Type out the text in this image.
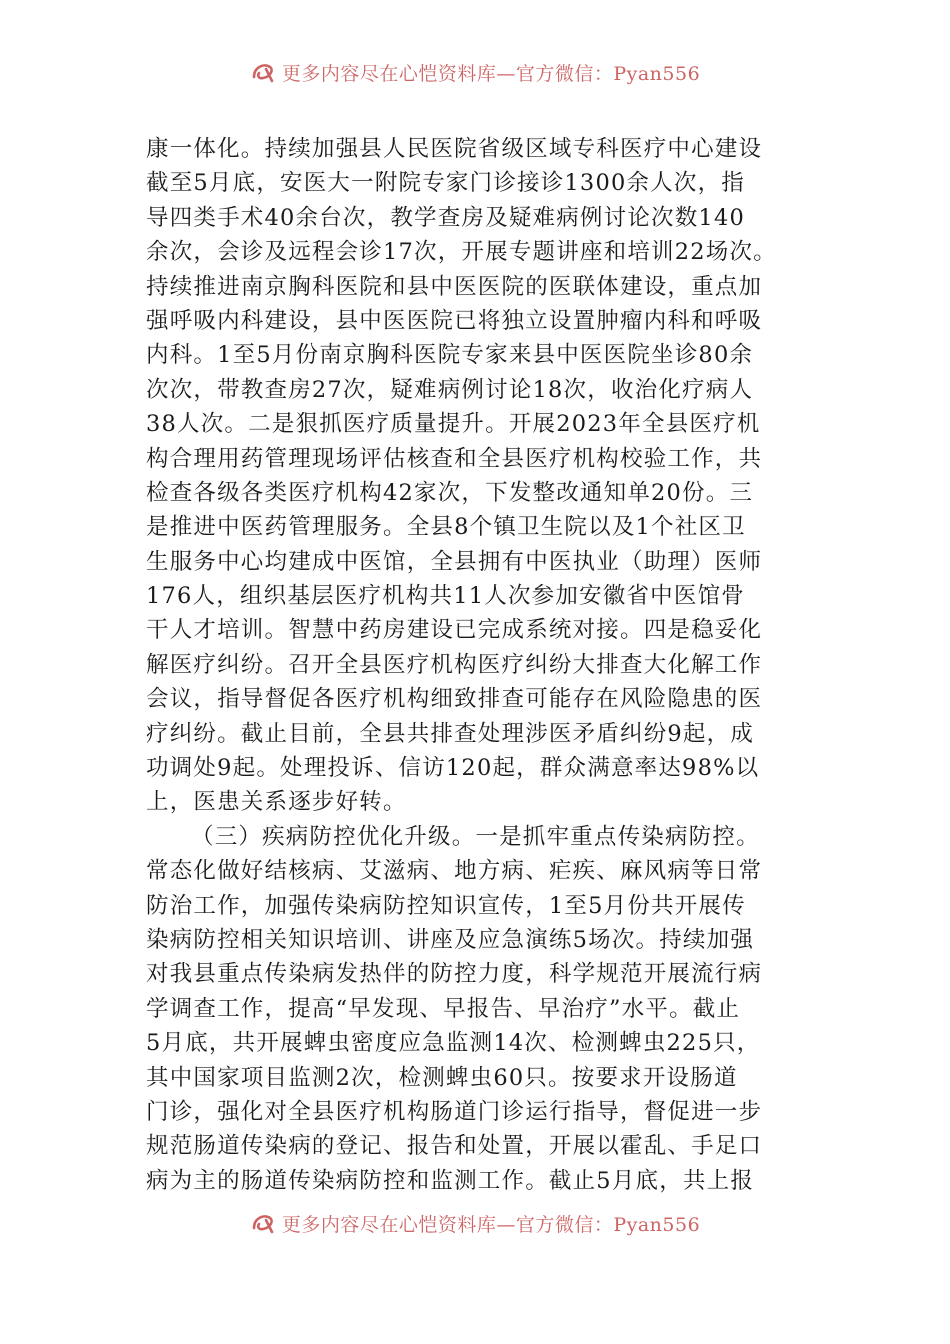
更多内容尽在心恺资料库—官方微信：Pyan556
康一体化。持续加强县人民医院省级区域专科医疗中心建设
截至5月底，安医大一附院专家门诊接诊1300余人次，指
导四类手术40余台次，教学查房及疑难病例讨论次数140
余次，会诊及远程会诊17次，开展专题讲座和培训22场次。
持续推进南京胸科医院和县中医医院的医联体建设，重点加
强呼吸内科建设，县中医医院已将独立设置肿瘤内科和呼吸
内科。1至5月份南京胸科医院专家来县中医医院坐诊80余
次次，带教查房27次，疑难病例讨论18次，收治化疗病人
38人次。二是狠抓医疗质量提升。开展2023年全县医疗机
构合理用药管理现场评估核查和全县医疗机构校验工作，共
检查各级各类医疗机构42家次，下发整改通知单20份。三
是推进中医药管理服务。全县8个镇卫生院以及1个社区卫
生服务中心均建成中医馆，全县拥有中医执业（助理）医师
176人，组织基层医疗机构共11人次参加安徽省中医馆骨
干人才培训。智慧中药房建设已完成系统对接。四是稳妥化
解医疗纠纷。召开全县医疗机构医疗纠纷大排查大化解工作
会议，指导督促各医疗机构细致排查可能存在风险隐患的医
疗纠纷。截止目前，全县共排查处理涉医矛盾纠纷9起，成
功调处9起。处理投诉、信访120起，群众满意率达98%以
上，医患关系逐步好转。
（三）疾病防控优化升级。一是抓牢重点传染病防控。
常态化做好结核病、艾滋病、地方病、疟疾、麻风病等日常
防治工作，加强传染病防控知识宣传，1至5月份共开展传
染病防控相关知识培训、讲座及应急演练5场次。持续加强
对我县重点传染病发热伴的防控力度，科学规范开展流行病
学调查工作，提高“早发现、早报告、早治疗”水平。截止
5月底，共开展蜱虫密度应急监测14次、检测蜱虫225只，
其中国家项目监测2次，检测蜱虫60只。按要求开设肠道
门诊，强化对全县医疗机构肠道门诊运行指导，督促进一步
规范肠道传染病的登记、报告和处置，开展以霍乱、手足口
病为主的肠道传染病防控和监测工作。截止5月底，共上报
更多内容尽在心恺资料库—官方微信：Pyan556
